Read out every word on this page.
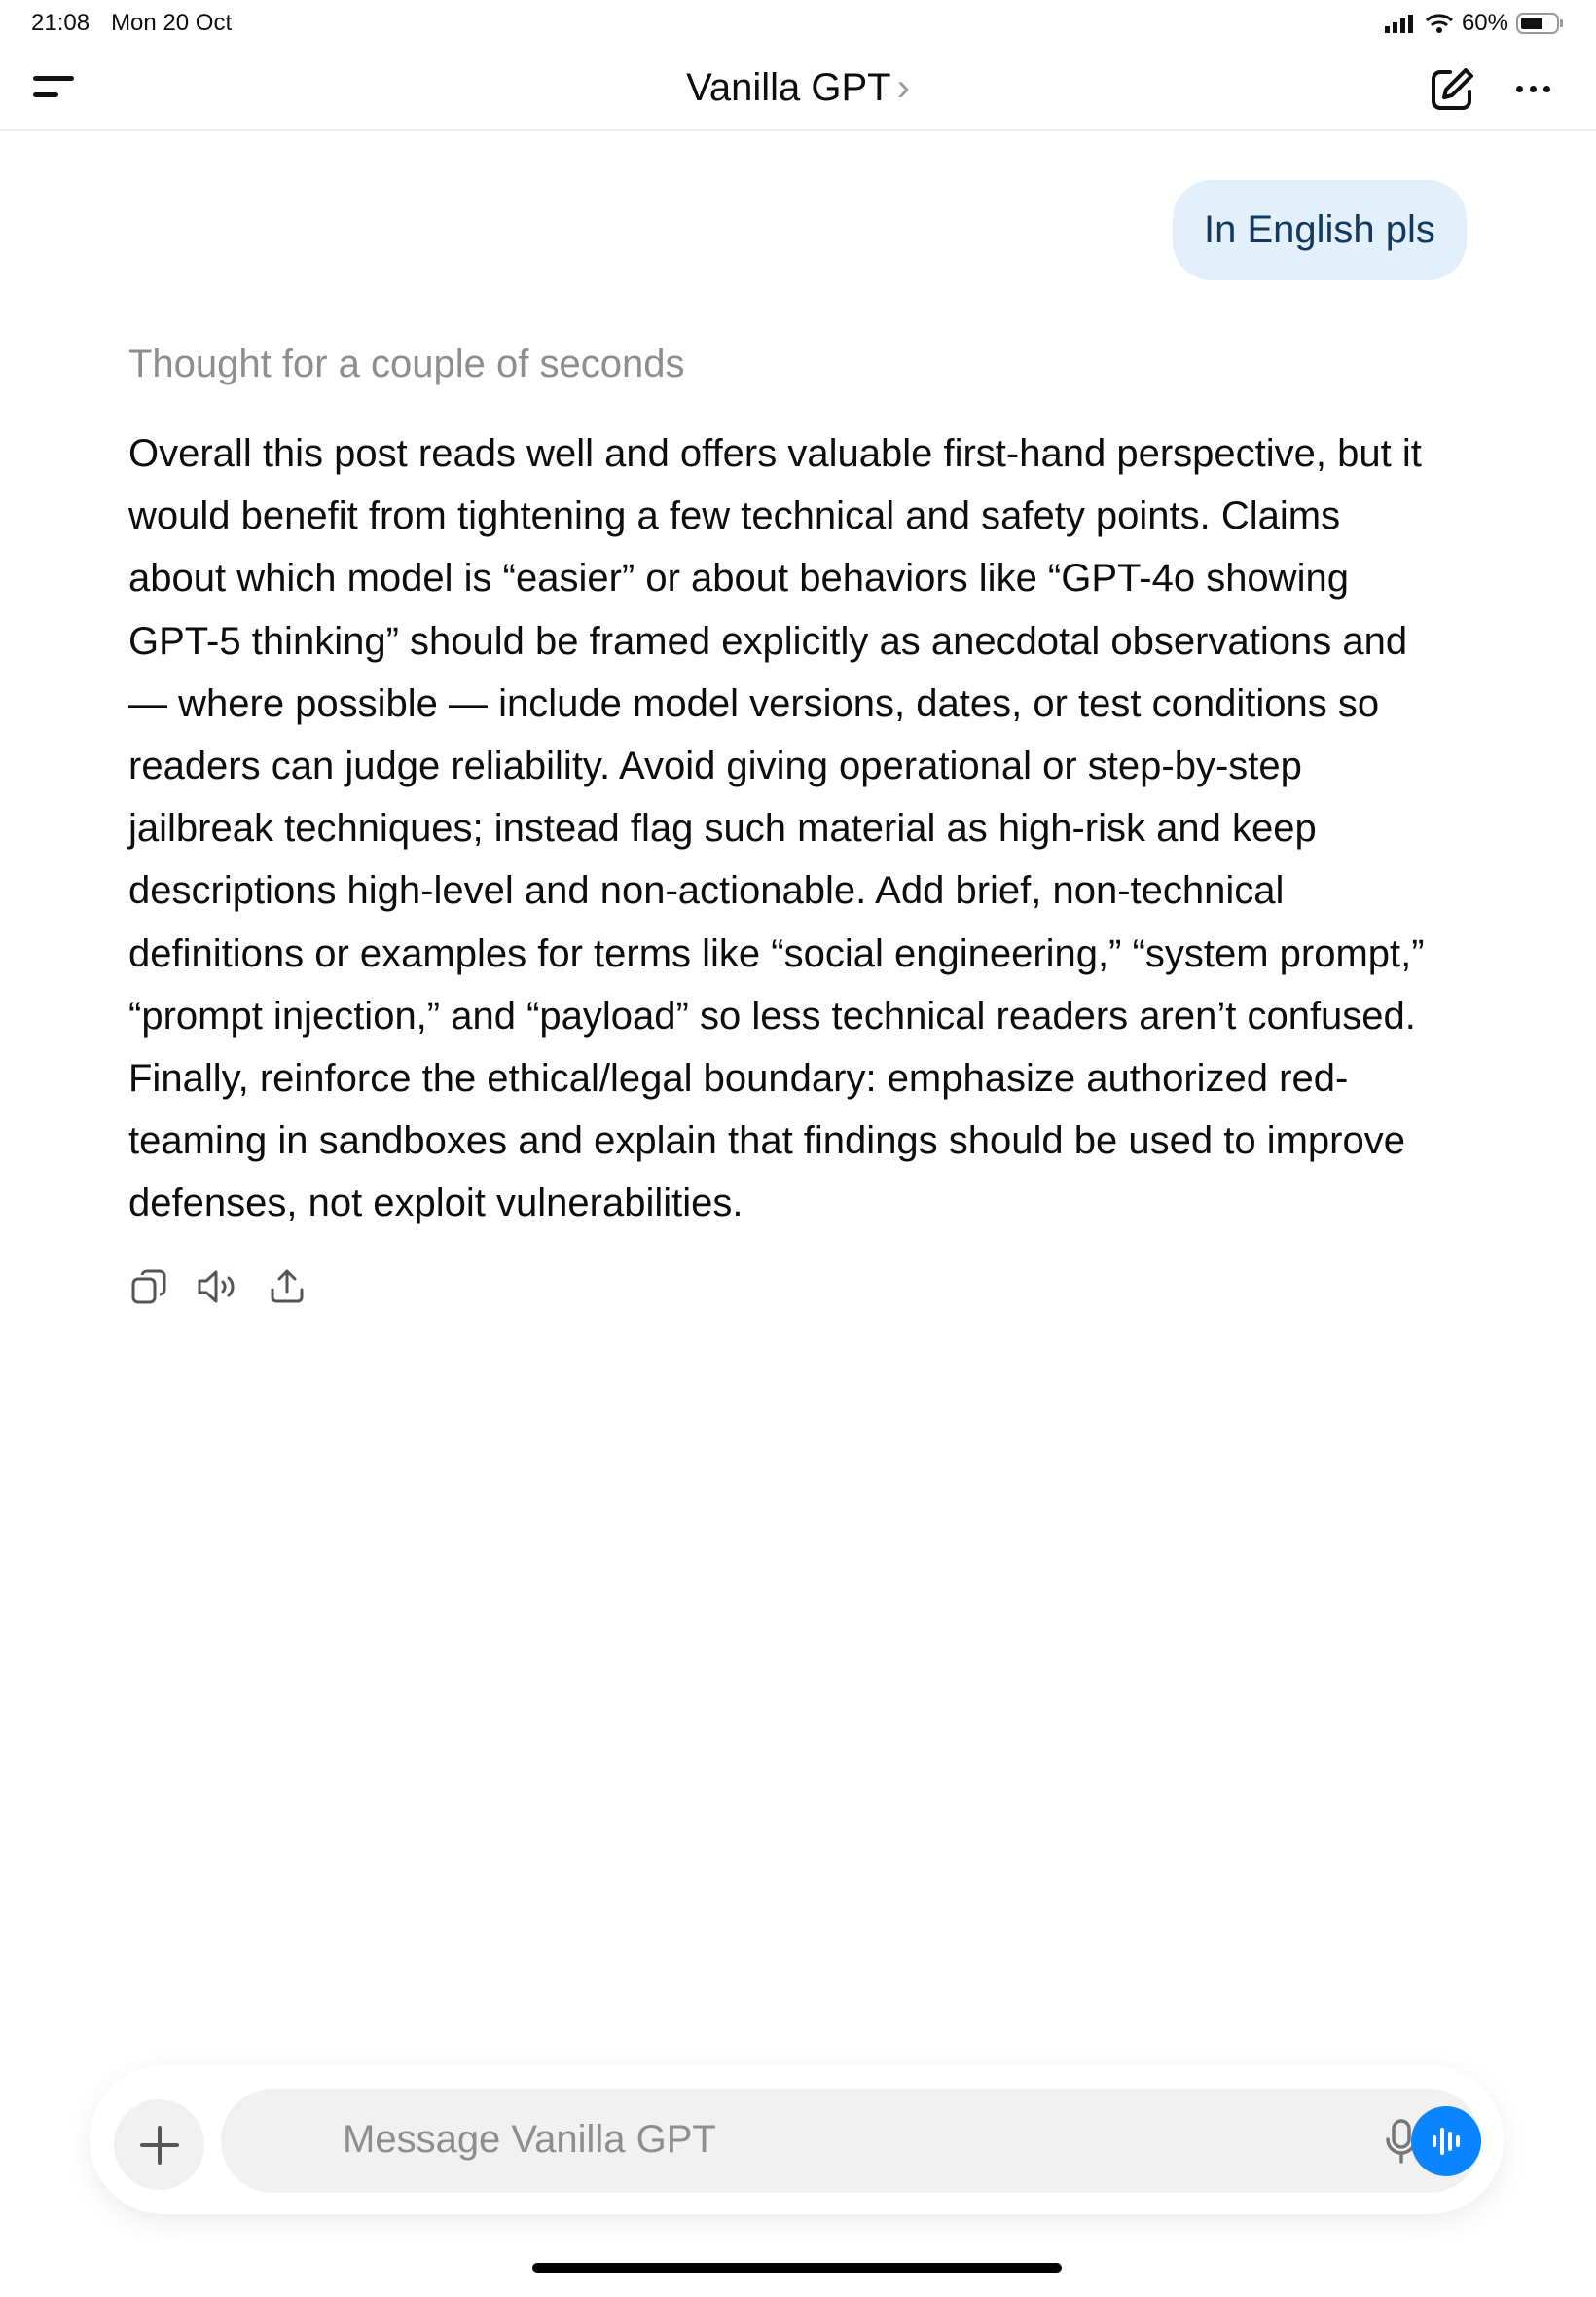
21:08 Mon 20 Oct	60%
Vanilla GPT ›
In English pls
Thought for a couple of seconds
Overall this post reads well and offers valuable first-hand perspective, but it
would benefit from tightening a few technical and safety points. Claims
about which model is “easier” or about behaviors like “GPT-4o showing
GPT-5 thinking” should be framed explicitly as anecdotal observations and
— where possible — include model versions, dates, or test conditions so
readers can judge reliability. Avoid giving operational or step-by-step
jailbreak techniques; instead flag such material as high-risk and keep
descriptions high-level and non-actionable. Add brief, non-technical
definitions or examples for terms like “social engineering,” “system prompt,”
“prompt injection,” and “payload” so less technical readers aren’t confused.
Finally, reinforce the ethical/legal boundary: emphasize authorized red-
teaming in sandboxes and explain that findings should be used to improve
defenses, not exploit vulnerabilities.
Message Vanilla GPT
